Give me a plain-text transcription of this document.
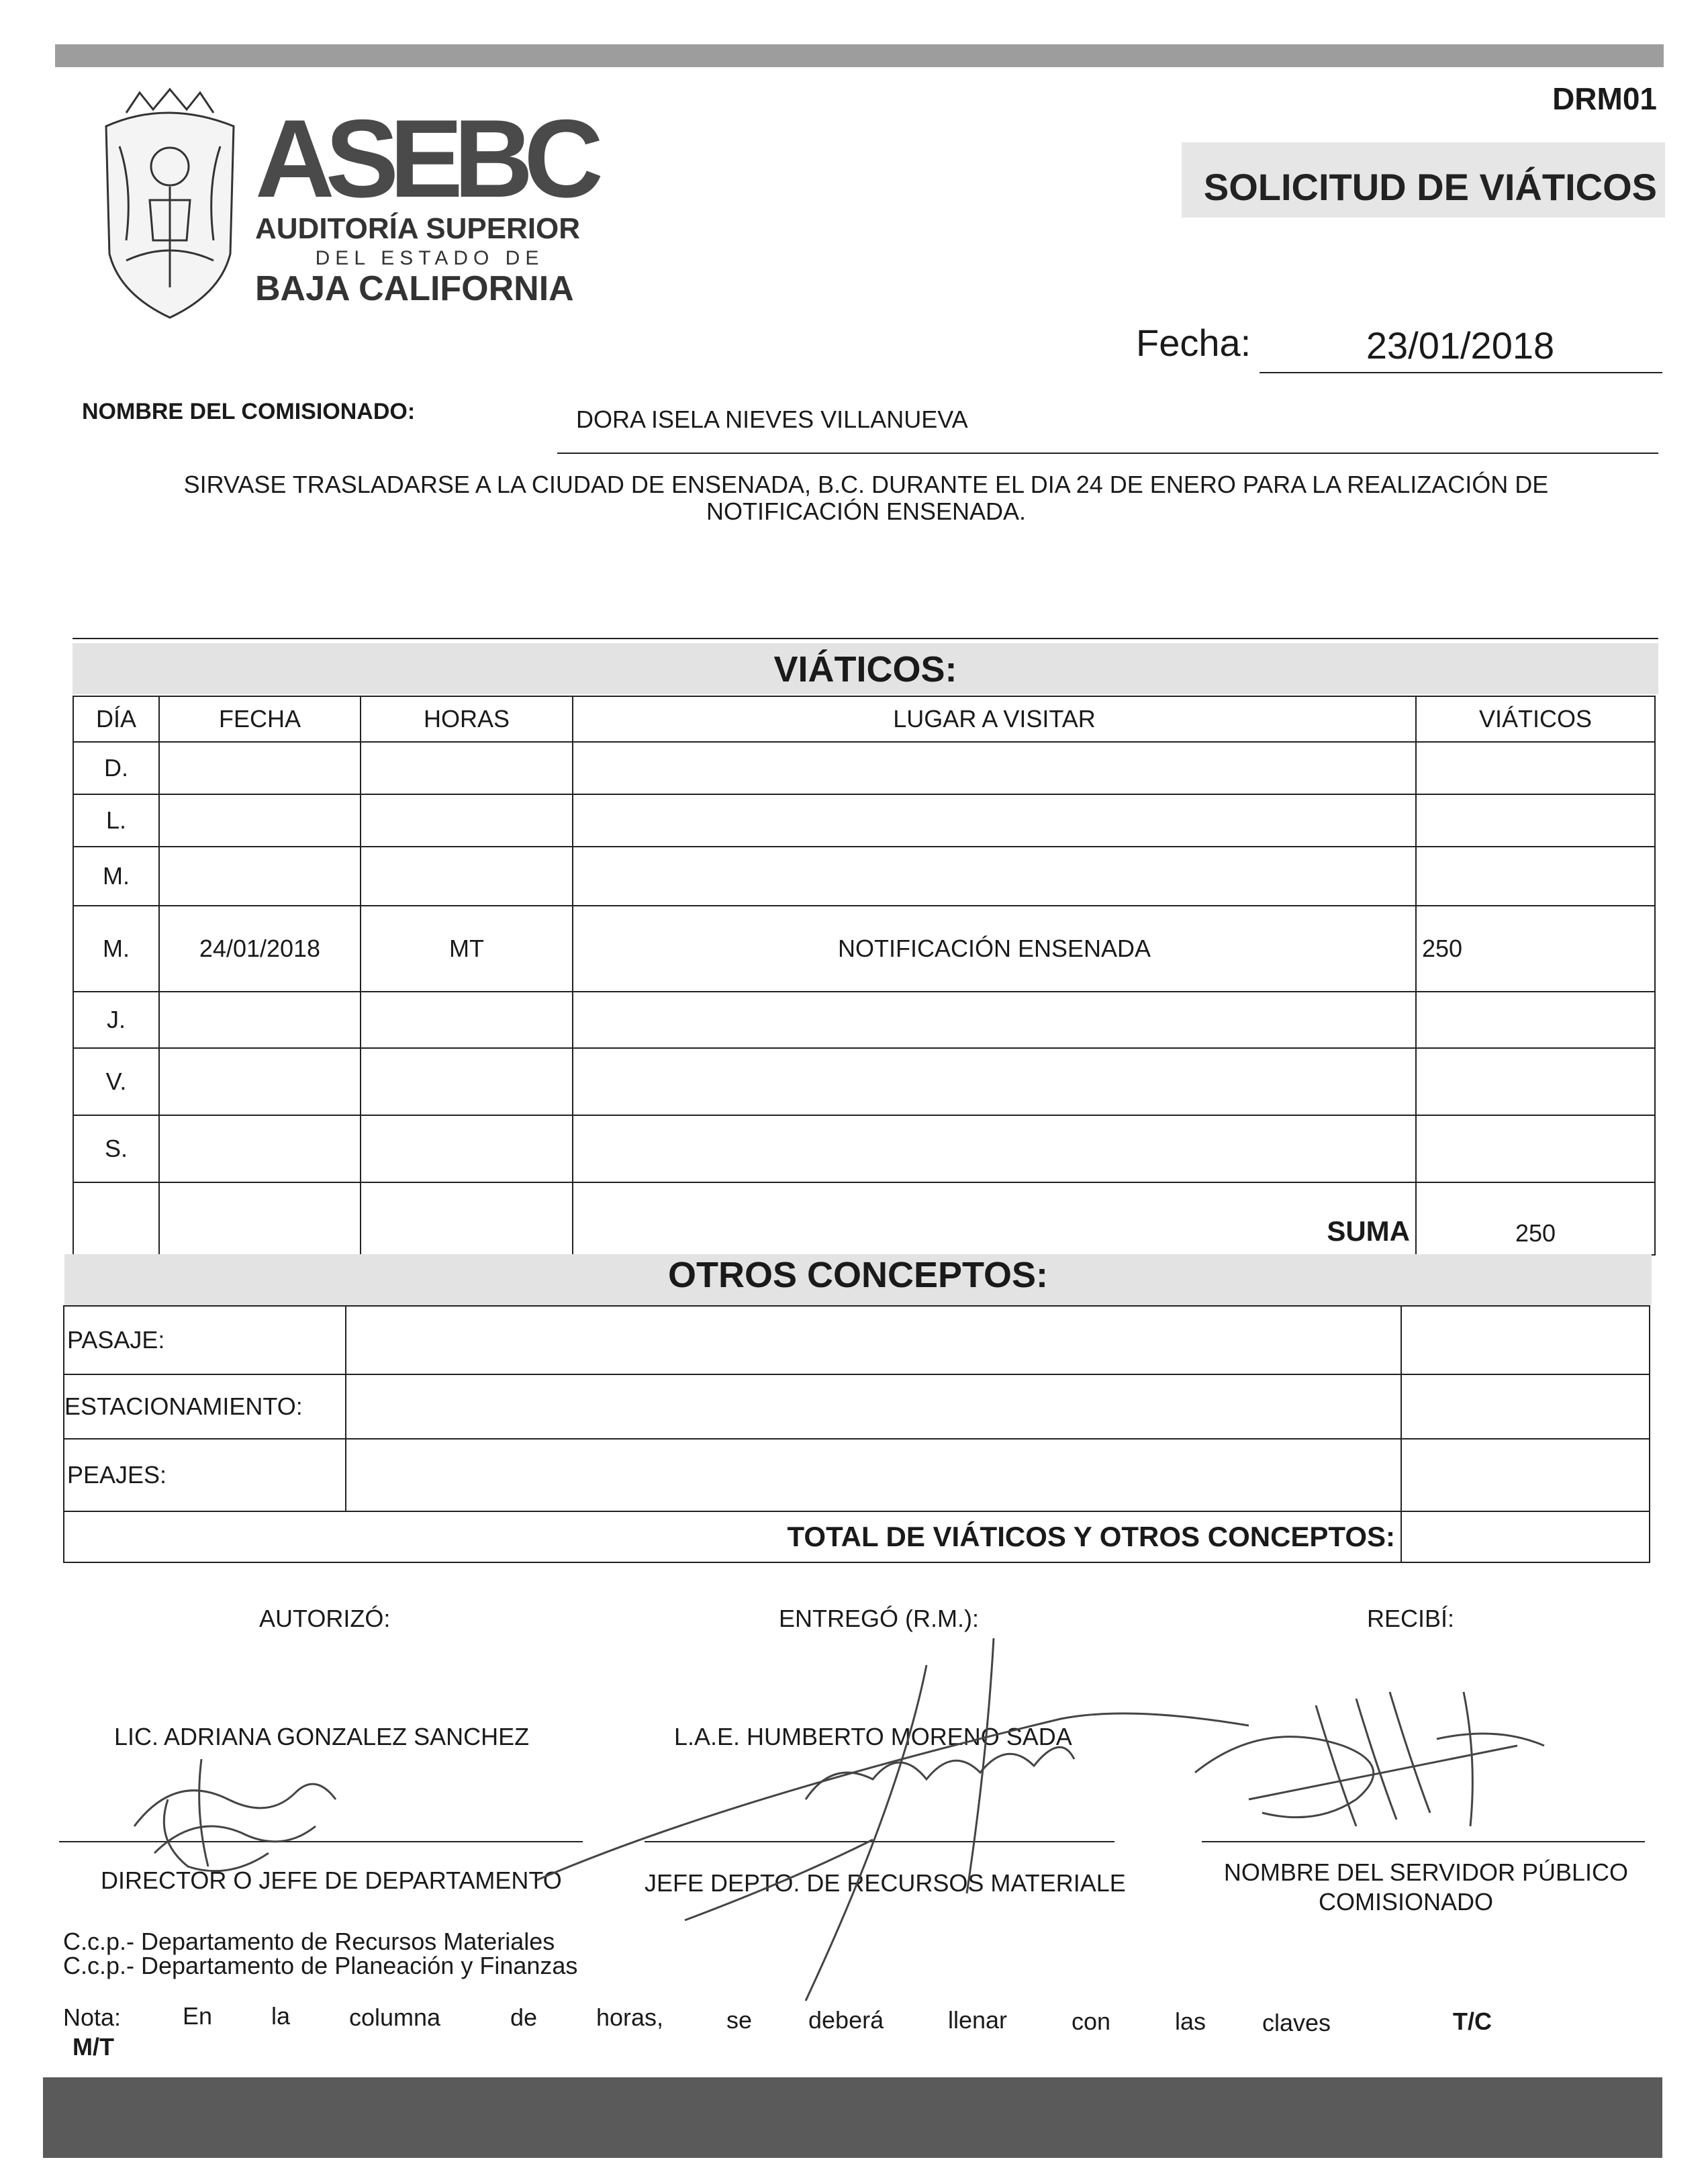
DRM01
SOLICITUD DE VIÁTICOS
ASEBC
AUDITORÍA SUPERIOR
DEL ESTADO DE
BAJA CALIFORNIA
Fecha:	23/01/2018
NOMBRE DEL COMISIONADO:	DORA ISELA NIEVES VILLANUEVA
SIRVASE TRASLADARSE A LA CIUDAD DE ENSENADA, B.C. DURANTE EL DIA 24 DE ENERO PARA LA REALIZACIÓN DE NOTIFICACIÓN ENSENADA.
VIÁTICOS:
DÍA	FECHA	HORAS	LUGAR A VISITAR	VIÁTICOS
D.				
L.				
M.				
M.	24/01/2018	MT	NOTIFICACIÓN ENSENADA	250
J.				
V.				
S.				
			SUMA	250
OTROS CONCEPTOS:
PASAJE:		
ESTACIONAMIENTO:		
PEAJES:		
TOTAL DE VIÁTICOS Y OTROS CONCEPTOS:		
AUTORIZÓ:	ENTREGÓ (R.M.):	RECIBÍ:
LIC. ADRIANA GONZALEZ SANCHEZ	L.A.E. HUMBERTO MORENO SADA
DIRECTOR O JEFE DE DEPARTAMENTO	JEFE DEPTO. DE RECURSOS MATERIALE	NOMBRE DEL SERVIDOR PÚBLICO
COMISIONADO
C.c.p.- Departamento de Recursos Materiales
C.c.p.- Departamento de Planeación y Finanzas
Nota:	En la columna	de horas,	se deberá	llenar	con	las claves	T/C
M/T
